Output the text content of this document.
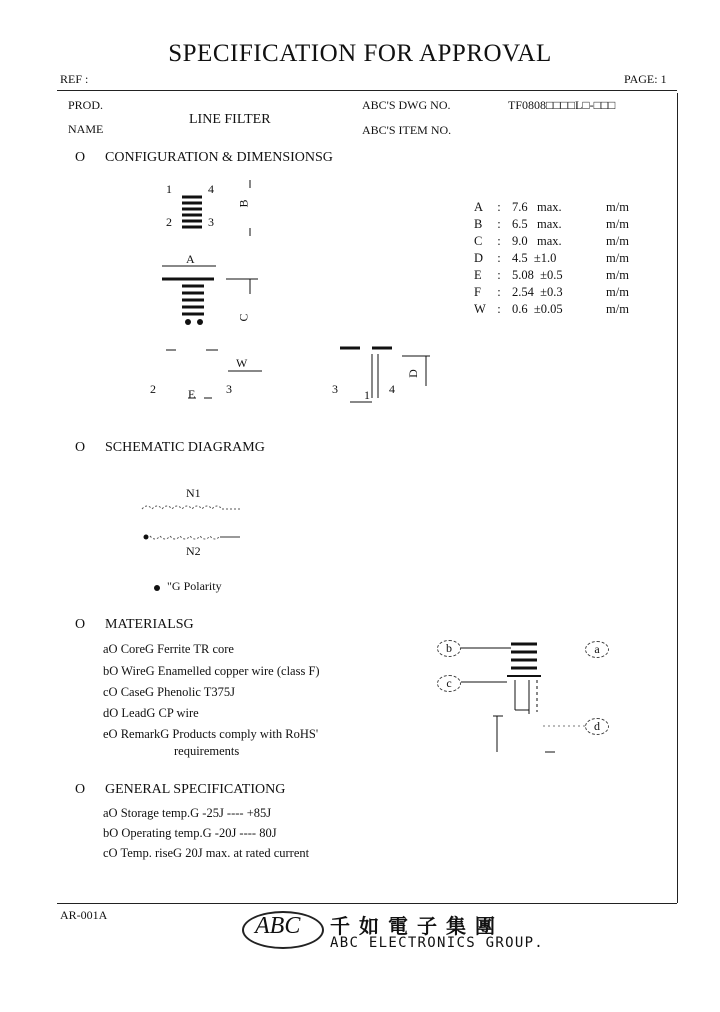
SPECIFICATION FOR APPROVAL
REF :	PAGE: 1
PROD.
NAME
LINE FILTER
ABC'S DWG NO.	TF0808□□□□L□-□□□
ABC'S ITEM NO.
O CONFIGURATION & DIMENSIONSG
1	4
2	3
B
A
C
W
E
D
2	3	3 1 4
A	:	7.6 max.	m/m
B	:	6.5 max.	m/m
C	:	9.0 max.	m/m
D	:	4.5 ±1.0	m/m
E	:	5.08 ±0.5	m/m
F	:	2.54 ±0.3	m/m
W	:	0.6 ±0.05	m/m
O SCHEMATIC DIAGRAMG
N1
N2
"G Polarity
O MATERIALSG
aO CoreG Ferrite TR core
bO WireG Enamelled copper wire (class F)
cO CaseG Phenolic T375J
dO LeadG CP wire
eO RemarkG Products comply with RoHS'
requirements
b
c
a
d
O GENERAL SPECIFICATIONG
aO Storage temp.G -25J ---- +85J
bO Operating temp.G -20J ---- 80J
cO Temp. riseG 20J max. at rated current
AR-001A	ABC 千如電子集團
ABC ELECTRONICS GROUP.
